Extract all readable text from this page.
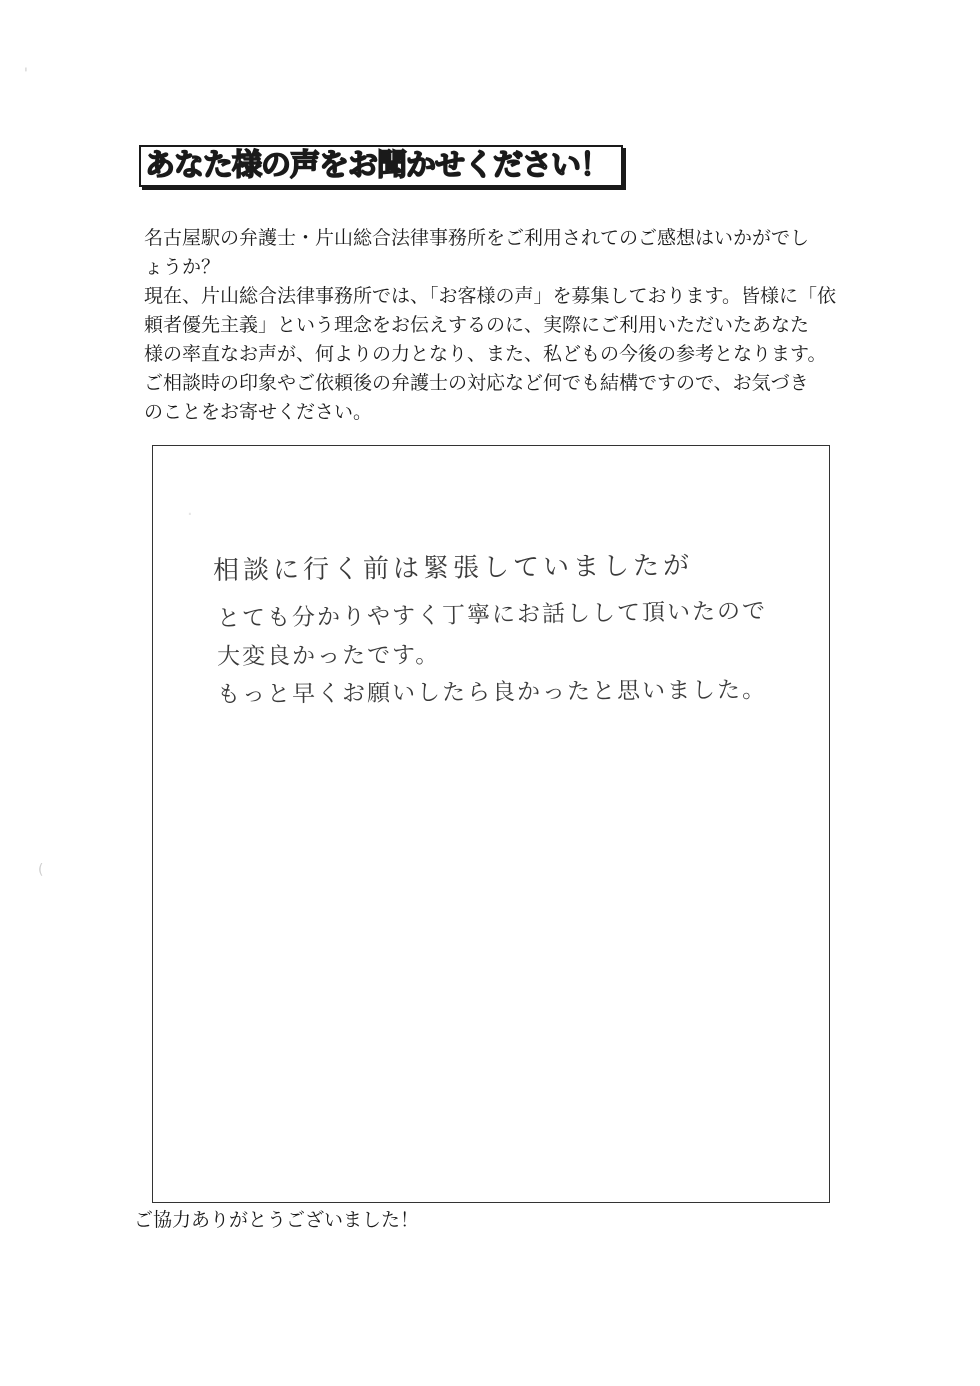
'
(
あなた様の声をお聞かせください！

名古屋駅の弁護士・片山総合法律事務所をご利用されてのご感想はいかがでし

ょうか？

現在、片山総合法律事務所では、「お客様の声」を募集しております。皆様に「依

頼者優先主義」という理念をお伝えするのに、実際にご利用いただいたあなた

様の率直なお声が、何よりの力となり、また、私どもの今後の参考となります。

ご相談時の印象やご依頼後の弁護士の対応など何でも結構ですので、お気づき

のことをお寄せください。

·
相談に行く前は緊張していましたが
とても分かりやすく丁寧にお話しして頂いたので
大変良かったです。
もっと早くお願いしたら良かったと思いました。
ご協力ありがとうございました！
